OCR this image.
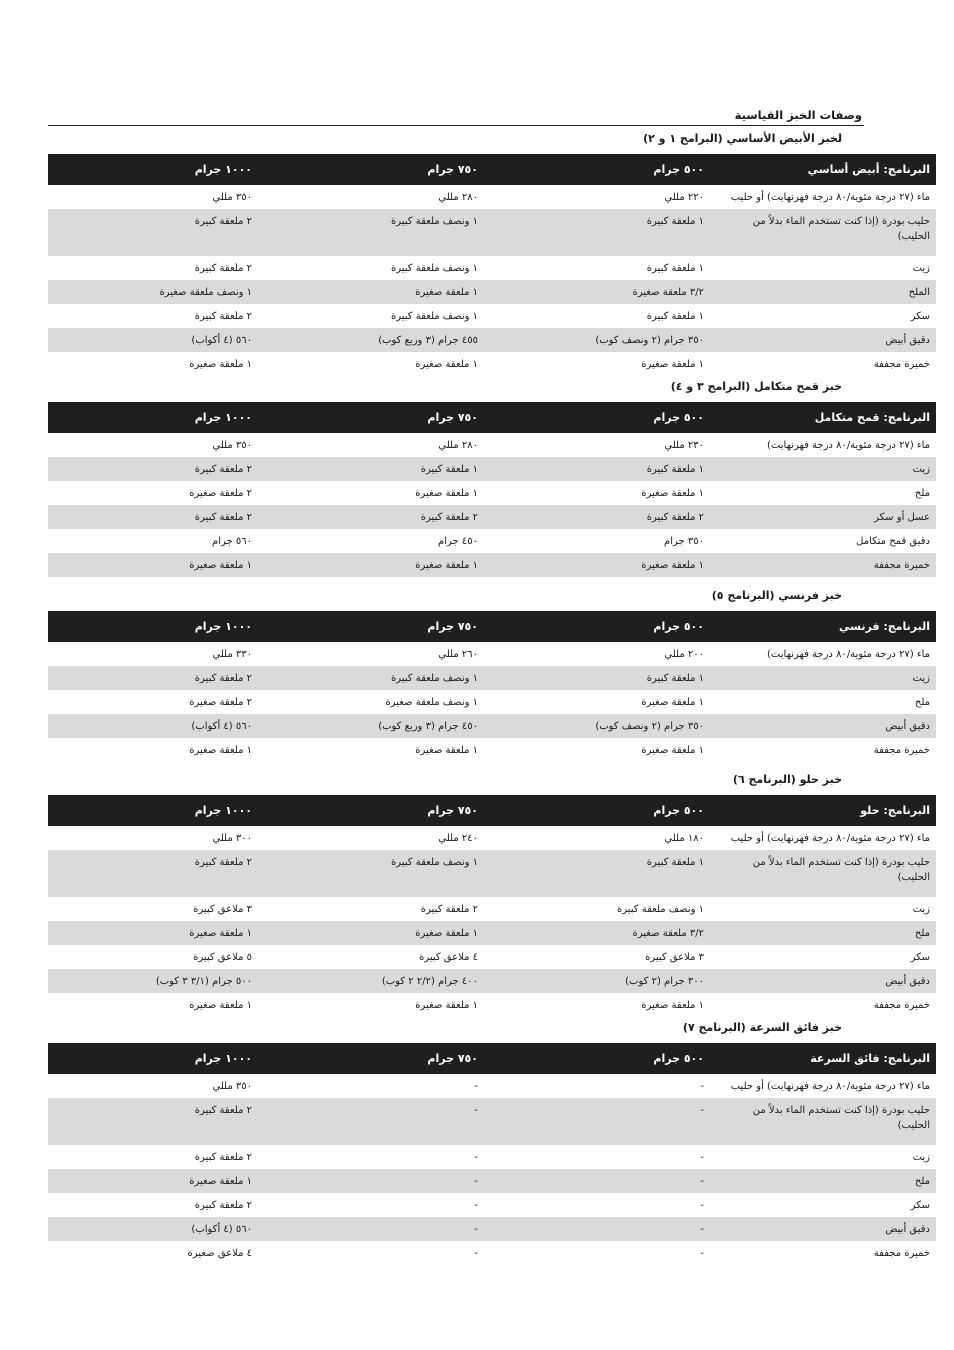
وصفات الخبز القياسية
لخبز الأبيض الأساسي (البرامج ١ و ٢)
البرنامج: أبيض أساسي	٥٠٠ جرام	٧٥٠ جرام	١٠٠٠ جرام
ماء (٢٧ درجة مئوية/٨٠ درجة فهرنهايت) أو حليب	٢٢٠ مللي	٢٨٠ مللي	٣٥٠ مللي
حليب بودرة (إذا كنت تستخدم الماء بدلاً من الحليب)	١ ملعقة كبيرة	١ ونصف ملعقة كبيرة	٢ ملعقة كبيرة
زيت	١ ملعقة كبيرة	١ ونصف ملعقة كبيرة	٢ ملعقة كبيرة
الملح	٣/٢ ملعقة صغيرة	١ ملعقة صغيرة	١ ونصف ملعقة صغيرة
سكر	١ ملعقة كبيرة	١ ونصف ملعقة كبيرة	٢ ملعقة كبيرة
دقيق أبيض	٣٥٠ جرام (٢ ونصف كوب)	٤٥٥ جرام (٣ وربع كوب)	٥٦٠ (٤ أكواب)
خميرة مجففة	١ ملعقة صغيرة	١ ملعقة صغيرة	١ ملعقة صغيرة
خبز قمح متكامل (البرامج ٣ و ٤)
البرنامج: قمح متكامل	٥٠٠ جرام	٧٥٠ جرام	١٠٠٠ جرام
ماء (٢٧ درجة مئوية/٨٠ درجة فهرنهايت)	٢٣٠ مللي	٢٨٠ مللي	٣٥٠ مللي
زيت	١ ملعقة كبيرة	١ ملعقة كبيرة	٢ ملعقة كبيرة
ملح	١ ملعقة صغيرة	١ ملعقة صغيرة	٢ ملعقة صغيرة
عسل أو سكر	٢ ملعقة كبيرة	٢ ملعقة كبيرة	٢ ملعقة كبيرة
دقيق قمح متكامل	٣٥٠ جرام	٤٥٠ جرام	٥٦٠ جرام
خميرة مجففة	١ ملعقة صغيرة	١ ملعقة صغيرة	١ ملعقة صغيرة
خبز فرنسي (البرنامج ٥)
البرنامج: فرنسي	٥٠٠ جرام	٧٥٠ جرام	١٠٠٠ جرام
ماء (٢٧ درجة مئوية/٨٠ درجة فهرنهايت)	٢٠٠ مللي	٢٦٠ مللي	٣٣٠ مللي
زيت	١ ملعقة كبيرة	١ ونصف ملعقة كبيرة	٢ ملعقة كبيرة
ملح	١ ملعقة صغيرة	١ ونصف ملعقة صغيرة	٢ ملعقة صغيرة
دقيق أبيض	٣٥٠ جرام (٢ ونصف كوب)	٤٥٠ جرام (٣ وربع كوب)	٥٦٠ (٤ أكواب)
خميرة مجففة	١ ملعقة صغيرة	١ ملعقة صغيرة	١ ملعقة صغيرة
خبز حلو (البرنامج ٦)
البرنامج: حلو	٥٠٠ جرام	٧٥٠ جرام	١٠٠٠ جرام
ماء (٢٧ درجة مئوية/٨٠ درجة فهرنهايت) أو حليب	١٨٠ مللي	٢٤٠ مللي	٣٠٠ مللي
حليب بودرة (إذا كنت تستخدم الماء بدلاً من الحليب)	١ ملعقة كبيرة	١ ونصف ملعقة كبيرة	٢ ملعقة كبيرة
زيت	١ ونصف ملعقة كبيرة	٢ ملعقة كبيرة	٣ ملاعق كبيرة
ملح	٣/٢ ملعقة صغيرة	١ ملعقة صغيرة	١ ملعقة صغيرة
سكر	٣ ملاعق كبيرة	٤ ملاعق كبيرة	٥ ملاعق كبيرة
دقيق أبيض	٣٠٠ جرام (٢ كوب)	٤٠٠ جرام (٢/٢ ٢ كوب)	٥٠٠ جرام (٣/١ ٣ كوب)
خميرة مجففة	١ ملعقة صغيرة	١ ملعقة صغيرة	١ ملعقة صغيرة
خبز فائق السرعة (البرنامج ٧)
البرنامج: فائق السرعة	٥٠٠ جرام	٧٥٠ جرام	١٠٠٠ جرام
ماء (٢٧ درجة مئوية/٨٠ درجة فهرنهايت) أو حليب	-	-	٣٥٠ مللي
حليب بودرة (إذا كنت تستخدم الماء بدلاً من الحليب)	-	-	٢ ملعقة كبيرة
زيت	-	-	٢ ملعقة كبيرة
ملح	-	-	١ ملعقة صغيرة
سكر	-	-	٢ ملعقة كبيرة
دقيق أبيض	-	-	٥٦٠ (٤ أكواب)
خميرة مجففة	-	-	٤ ملاعق صغيرة
